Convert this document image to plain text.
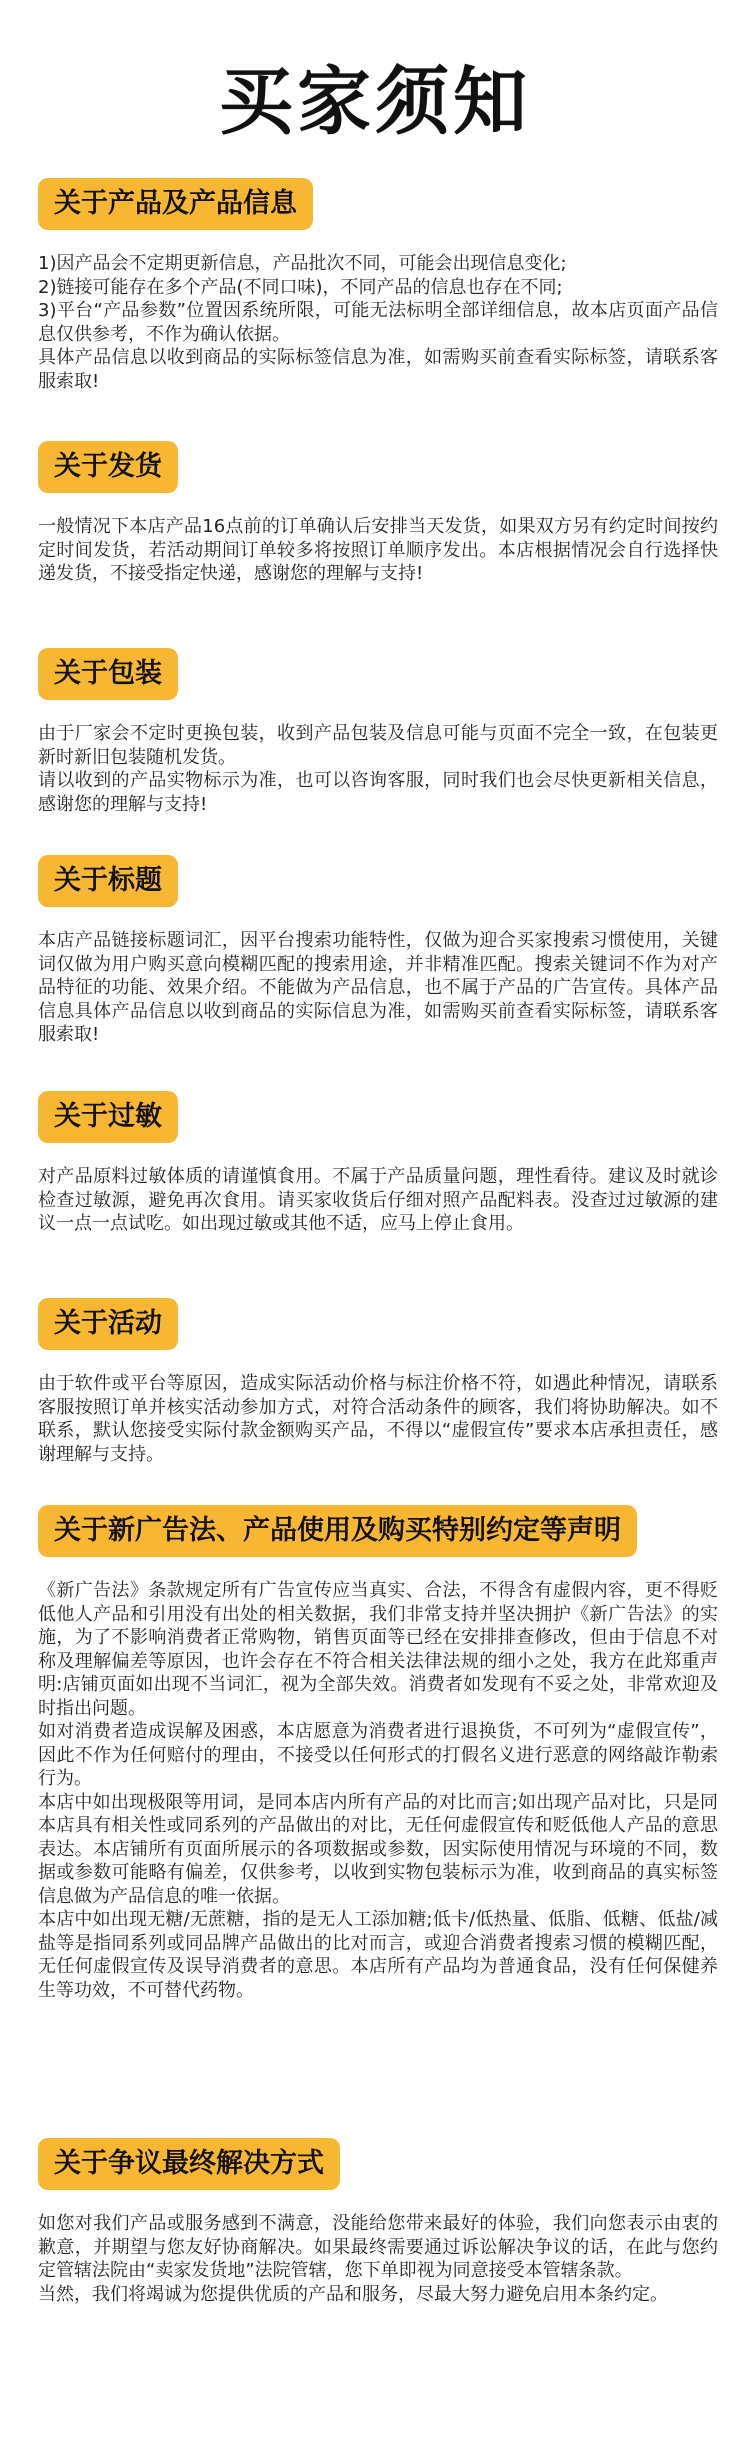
买家须知
关于产品及产品信息

1)因产品会不定期更新信息，产品批次不同，可能会出现信息变化;

2)链接可能存在多个产品(不同口味)，不同产品的信息也存在不同;

3)平台“产品参数”位置因系统所限，可能无法标明全部详细信息，故本店页面产品信息仅供参考，不作为确认依据。

具体产品信息以收到商品的实际标签信息为准，如需购买前查看实际标签，请联系客服索取!

关于发货

一般情况下本店产品16点前的订单确认后安排当天发货，如果双方另有约定时间按约定时间发货，若活动期间订单较多将按照订单顺序发出。本店根据情况会自行选择快递发货，不接受指定快递，感谢您的理解与支持!

关于包装

由于厂家会不定时更换包装，收到产品包装及信息可能与页面不完全一致，在包装更新时新旧包装随机发货。

请以收到的产品实物标示为准，也可以咨询客服，同时我们也会尽快更新相关信息，感谢您的理解与支持!

关于标题

本店产品链接标题词汇，因平台搜索功能特性，仅做为迎合买家搜索习惯使用，关键词仅做为用户购买意向模糊匹配的搜索用途，并非精准匹配。搜索关键词不作为对产品特征的功能、效果介绍。不能做为产品信息，也不属于产品的广告宣传。具体产品信息具体产品信息以收到商品的实际信息为准，如需购买前查看实际标签，请联系客服索取!

关于过敏

对产品原料过敏体质的请谨慎食用。不属于产品质量问题，理性看待。建议及时就诊检查过敏源，避免再次食用。请买家收货后仔细对照产品配料表。没查过过敏源的建议一点一点试吃。如出现过敏或其他不适，应马上停止食用。

关于活动

由于软件或平台等原因，造成实际活动价格与标注价格不符，如遇此种情况，请联系客服按照订单并核实活动参加方式，对符合活动条件的顾客，我们将协助解决。如不联系，默认您接受实际付款金额购买产品，不得以“虚假宣传”要求本店承担责任，感谢理解与支持。

关于新广告法、产品使用及购买特别约定等声明

《新广告法》条款规定所有广告宣传应当真实、合法，不得含有虚假内容，更不得贬低他人产品和引用没有出处的相关数据，我们非常支持并坚决拥护《新广告法》的实施，为了不影响消费者正常购物，销售页面等已经在安排排查修改，但由于信息不对称及理解偏差等原因，也许会存在不符合相关法律法规的细小之处，我方在此郑重声明:店铺页面如出现不当词汇，视为全部失效。消费者如发现有不妥之处，非常欢迎及时指出问题。

如对消费者造成误解及困惑，本店愿意为消费者进行退换货，不可列为“虚假宣传”，因此不作为任何赔付的理由，不接受以任何形式的打假名义进行恶意的网络敲诈勒索行为。

本店中如出现极限等用词，是同本店内所有产品的对比而言;如出现产品对比，只是同本店具有相关性或同系列的产品做出的对比，无任何虚假宣传和贬低他人产品的意思表达。本店铺所有页面所展示的各项数据或参数，因实际使用情况与环境的不同，数据或参数可能略有偏差，仅供参考，以收到实物包装标示为准，收到商品的真实标签信息做为产品信息的唯一依据。

本店中如出现无糖/无蔗糖，指的是无人工添加糖;低卡/低热量、低脂、低糖、低盐/减盐等是指同系列或同品牌产品做出的比对而言，或迎合消费者搜索习惯的模糊匹配，无任何虚假宣传及误导消费者的意思。本店所有产品均为普通食品，没有任何保健养生等功效，不可替代药物。

关于争议最终解决方式

如您对我们产品或服务感到不满意，没能给您带来最好的体验，我们向您表示由衷的歉意，并期望与您友好协商解决。如果最终需要通过诉讼解决争议的话，在此与您约定管辖法院由“卖家发货地”法院管辖，您下单即视为同意接受本管辖条款。

当然，我们将竭诚为您提供优质的产品和服务，尽最大努力避免启用本条约定。
